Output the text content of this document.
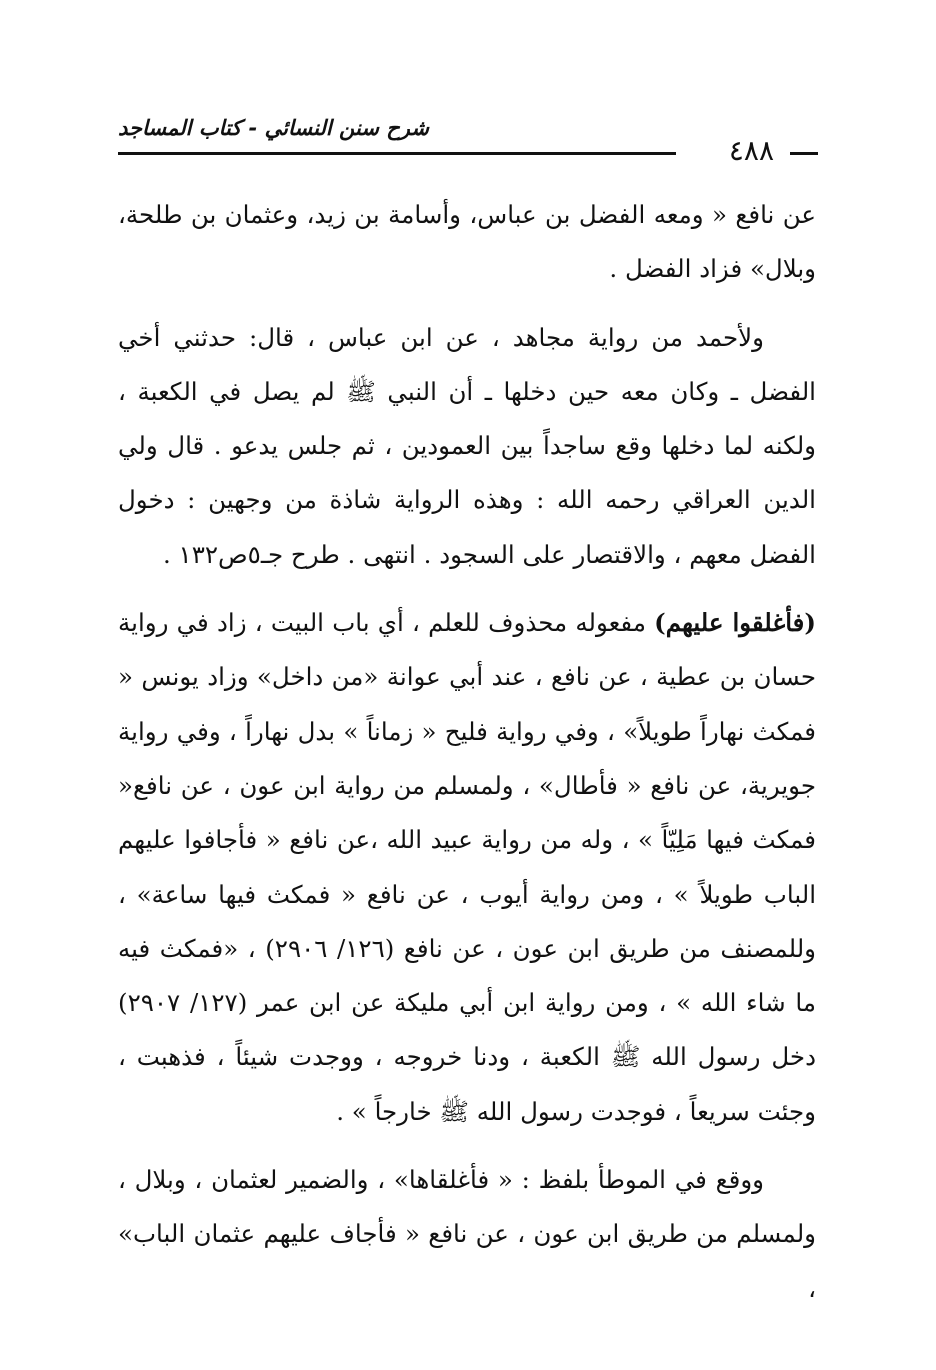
شرح سنن النسائي - كتاب المساجد
٤٨٨

عن نافع « ومعه الفضل بن عباس، وأسامة بن زيد، وعثمان بن طلحة، وبلال» فزاد الفضل .

ولأحمد من رواية مجاهد ، عن ابن عباس ، قال: حدثني أخي الفضل ـ وكان معه حين دخلها ـ أن النبي ﷺ لم يصل في الكعبة ، ولكنه لما دخلها وقع ساجداً بين العمودين ، ثم جلس يدعو . قال ولي الدين العراقي رحمه الله : وهذه الرواية شاذة من وجهين : دخول الفضل معهم ، والاقتصار على السجود . انتهى . طرح جـ٥ص١٣٢ .

(فأغلقوا عليهم) مفعوله محذوف للعلم ، أي باب البيت ، زاد في رواية حسان بن عطية ، عن نافع ، عند أبي عوانة «من داخل» وزاد يونس « فمكث نهاراً طويلاً» ، وفي رواية فليح « زماناً » بدل نهاراً ، وفي رواية جويرية، عن نافع « فأطال» ، ولمسلم من رواية ابن عون ، عن نافع« فمكث فيها مَلِيّاً » ، وله من رواية عبيد الله ،عن نافع « فأجافوا عليهم الباب طويلاً » ، ومن رواية أيوب ، عن نافع « فمكث فيها ساعة» ، وللمصنف من طريق ابن عون ، عن نافع (١٢٦/ ٢٩٠٦) ، «فمكث فيه ما شاء الله » ، ومن رواية ابن أبي مليكة عن ابن عمر (١٢٧/ ٢٩٠٧) دخل رسول الله ﷺ الكعبة ، ودنا خروجه ، ووجدت شيئاً ، فذهبت ، وجئت سريعاً ، فوجدت رسول الله ﷺ خارجاً » .

ووقع في الموطأ بلفظ : « فأغلقاها» ، والضمير لعثمان ، وبلال ، ولمسلم من طريق ابن عون ، عن نافع « فأجاف عليهم عثمان الباب» ،
